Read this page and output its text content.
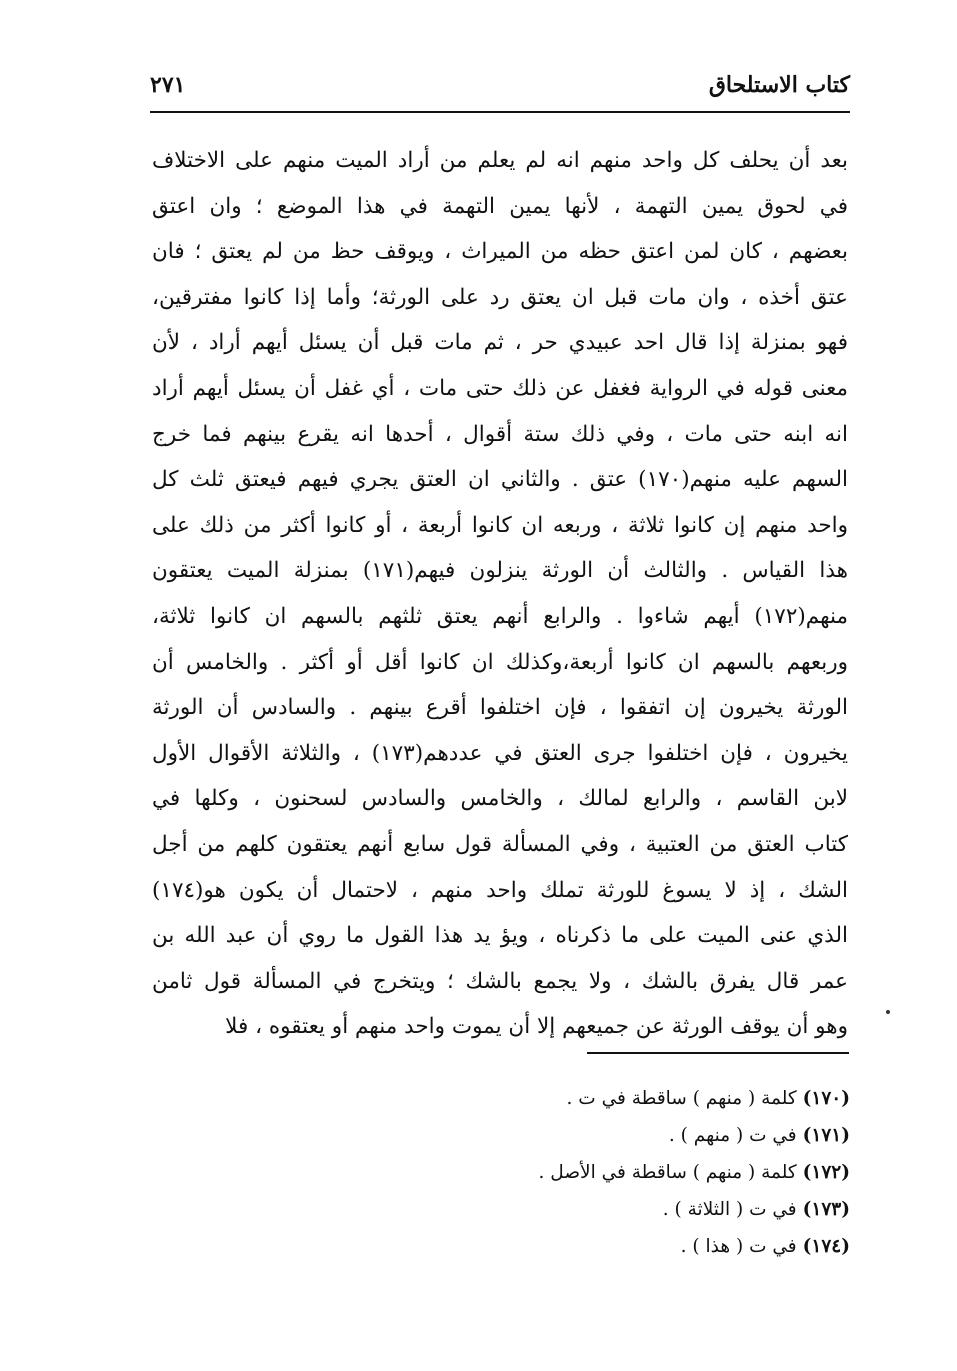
كتاب الاستلحاق
٢٧١
بعد أن يحلف كل واحد منهم انه لم يعلم من أراد الميت منهم على الاختلاف
في لحوق يمين التهمة ، لأنها يمين التهمة في هذا الموضع ؛ وان اعتق
بعضهم ، كان لمن اعتق حظه من الميراث ، ويوقف حظ من لم يعتق ؛ فان
عتق أخذه ، وان مات قبل ان يعتق رد على الورثة؛ وأما إذا كانوا مفترقين،
فهو بمنزلة إذا قال احد عبيدي حر ، ثم مات قبل أن يسئل أيهم أراد ، لأن
معنى قوله في الرواية فغفل عن ذلك حتى مات ، أي غفل أن يسئل أيهم أراد
انه ابنه حتى مات ، وفي ذلك ستة أقوال ، أحدها انه يقرع بينهم فما خرج
السهم عليه منهم(١٧٠) عتق . والثاني ان العتق يجري فيهم فيعتق ثلث كل
واحد منهم إن كانوا ثلاثة ، وربعه ان كانوا أربعة ، أو كانوا أكثر من ذلك على
هذا القياس . والثالث أن الورثة ينزلون فيهم(١٧١) بمنزلة الميت يعتقون
منهم(١٧٢) أيهم شاءوا . والرابع أنهم يعتق ثلثهم بالسهم ان كانوا ثلاثة،
وربعهم بالسهم ان كانوا أربعة،وكذلك ان كانوا أقل أو أكثر . والخامس أن
الورثة يخيرون إن اتفقوا ، فإن اختلفوا أقرع بينهم . والسادس أن الورثة
يخيرون ، فإن اختلفوا جرى العتق في عددهم(١٧٣) ، والثلاثة الأقوال الأول
لابن القاسم ، والرابع لمالك ، والخامس والسادس لسحنون ، وكلها في
كتاب العتق من العتبية ، وفي المسألة قول سابع أنهم يعتقون كلهم من أجل
الشك ، إذ لا يسوغ للورثة تملك واحد منهم ، لاحتمال أن يكون هو(١٧٤)
الذي عنى الميت على ما ذكرناه ، ويؤ يد هذا القول ما روي أن عبد الله بن
عمر قال يفرق بالشك ، ولا يجمع بالشك ؛ ويتخرج في المسألة قول ثامن
وهو أن يوقف الورثة عن جميعهم إلا أن يموت واحد منهم أو يعتقوه ، فلا
(١٧٠)كلمة ( منهم ) ساقطة في ت .
(١٧١)في ت ( منهم ) .
(١٧٢)كلمة ( منهم ) ساقطة في الأصل .
(١٧٣)في ت ( الثلاثة ) .
(١٧٤)في ت ( هذا ) .
